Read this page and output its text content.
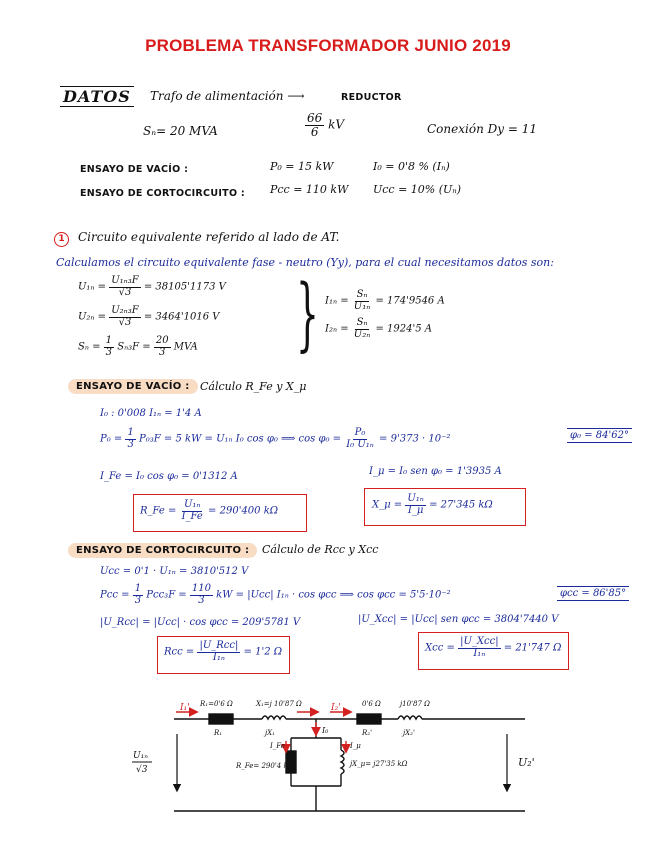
PROBLEMA TRANSFORMADOR JUNIO 2019
DATOS Trafo de alimentación ⟶	REDUCTOR
Sₙ= 20 MVA	$\frac{66}{6}$ kV	Conexión Dy = 11
ENSAYO DE VACÍO :	P₀ = 15 kW	I₀ = 0'8 % (Iₙ)
ENSAYO DE CORTOCIRCUITO : Pcc = 110 kW Ucc = 10% (Uₙ)
1	Circuito equivalente referido al lado de AT.
Calculamos el circuito equivalente fase - neutro (Yy), para el cual necesitamos datos son:
$U_{1n} = \frac{\text{U₁ₙ₃F}}{√3} = 38105'1173$ V
$U_{2n} = \frac{\text{U₂ₙ₃F}}{√3} = 3464'1016$ V
$S_n = \frac{1}{3} S_{n3}F = \frac{20}{3}$ MVA } $I_{1n} = \frac{\text{Sₙ}}{\text{U₁ₙ}} = 174'9546$ A
$I_{2n} = \frac{\text{Sₙ}}{\text{U₂ₙ}} = 1924'5$ A
ENSAYO DE VACÍO : Cálculo R_Fe y X_μ
I₀ : 0'008 I₁ₙ = 1'4 A
$P_0 = \frac{1}{3} P_{03}F = 5$ kW = U₁ₙ I₀ cos φ₀ ⟹ $\cos \varphi_0 = \frac{\text{P₀}}{\text{I₀ U₁ₙ}} = 9'373 \cdot 10^{-2}$	φ₀ = 84'62°
I_Fe = I₀ cos φ₀ = 0'1312 A	I_μ = I₀ sen φ₀ = 1'3935 A
R_Fe = $\frac{\text{U₁ₙ}}{I\_Fe} = 290'400$ kΩ
X_μ = $\frac{\text{U₁ₙ}}{I\_\mu} = 27'345$ kΩ
ENSAYO DE CORTOCIRCUITO :	Cálculo de Rcc y Xcc
Ucc = 0'1 · U₁ₙ = 3810'512 V
Pcc = $\frac{1}{3} Pcc_3F = \frac{110}{3}$ kW = |Ucc| I₁ₙ · cos φcc ⟹ cos φcc = 5'5·10⁻²	φcc = 86'85°
|U_Rcc| = |Ucc| · cos φcc = 209'5781 V	|U_Xcc| = |Ucc| sen φcc = 3804'7440 V
Rcc = $\frac{\text{|U\_Rcc|}}{\text{I₁ₙ}} = 1'2$ Ω	Xcc = $\frac{\text{|U\_Xcc|}}{\text{I₁ₙ}} = 21'747$ Ω
I₁' R₁=0'6 Ω
R₁
X₁=j 10'87 Ω
jX₁
I₂'
I₀
0'6 Ω
R₂'
j10'87 Ω
jX₂'
I_Fe	I_μ
R_Fe= 290'4 kΩ	jX_μ= j27'35 kΩ
U₁ₙ
√3
U₂'
